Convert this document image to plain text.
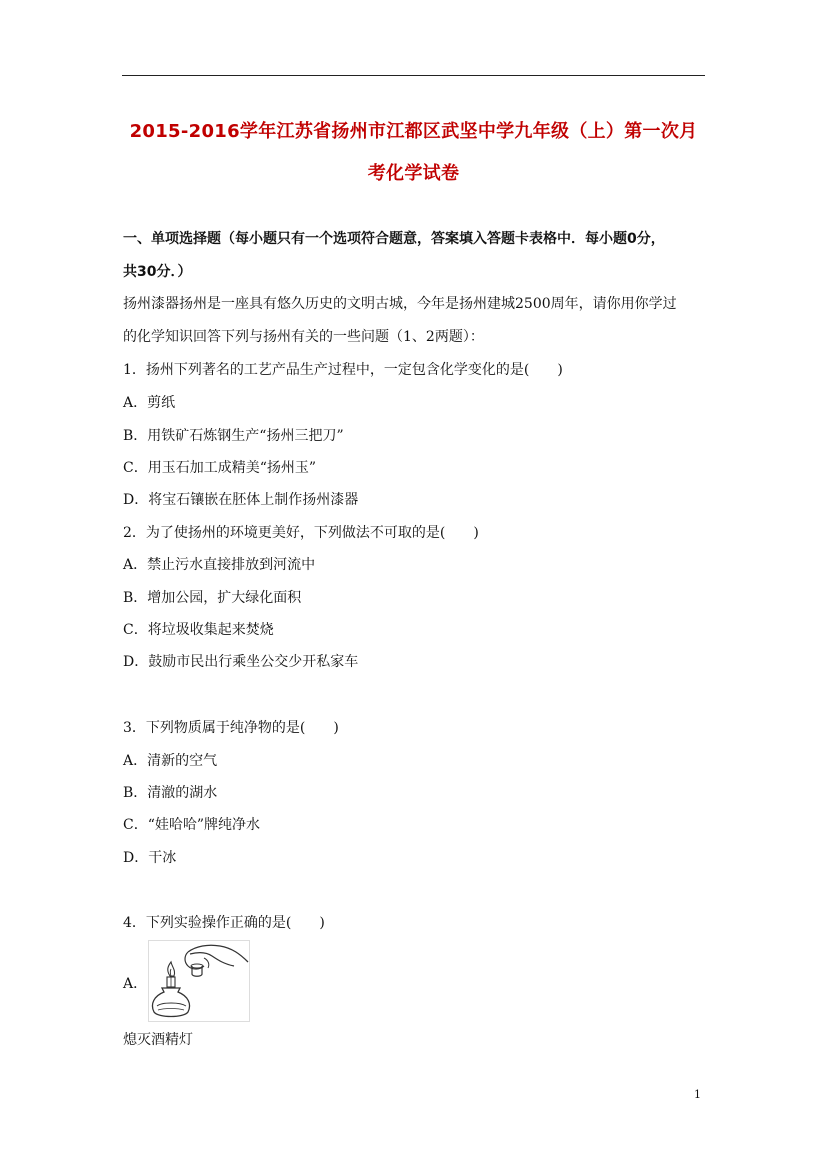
2015-2016学年江苏省扬州市江都区武坚中学九年级（上）第一次月
考化学试卷
一、单项选择题（每小题只有一个选项符合题意，答案填入答题卡表格中．每小题0分，
共30分．）
扬州漆器扬州是一座具有悠久历史的文明古城，今年是扬州建城2500周年，请你用你学过
的化学知识回答下列与扬州有关的一些问题（1、2两题）：
1．扬州下列著名的工艺产品生产过程中，一定包含化学变化的是(　　)
A．剪纸
B．用铁矿石炼钢生产“扬州三把刀”
C．用玉石加工成精美“扬州玉”
D．将宝石镶嵌在胚体上制作扬州漆器
2．为了使扬州的环境更美好，下列做法不可取的是(　　)
A．禁止污水直接排放到河流中
B．增加公园，扩大绿化面积
C．将垃圾收集起来焚烧
D．鼓励市民出行乘坐公交少开私家车
3．下列物质属于纯净物的是(　　)
A．清新的空气
B．清澈的湖水
C．“娃哈哈”牌纯净水
D．干冰
4．下列实验操作正确的是(　　)
A．
熄灭酒精灯
1
